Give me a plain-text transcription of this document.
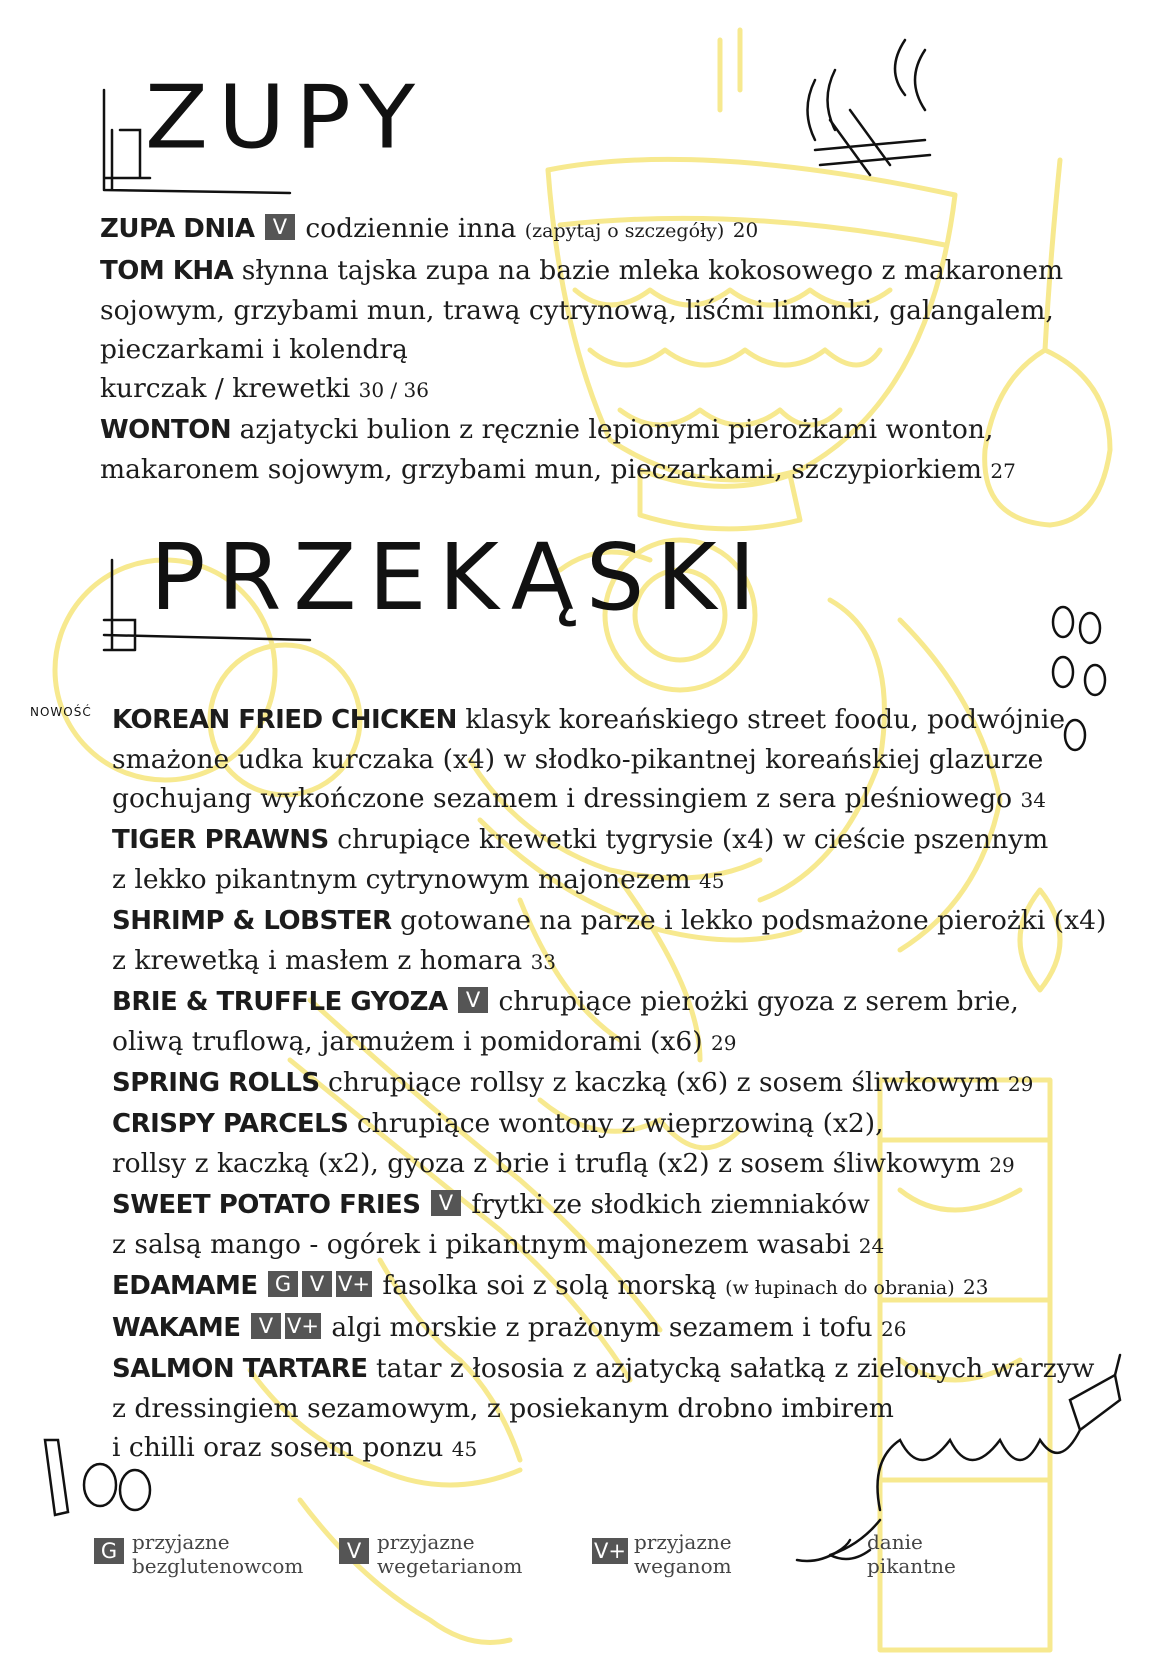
ZUPY
ZUPA DNIA V codziennie inna (zapytaj o szczegóły) 20
TOM KHA słynna tajska zupa na bazie mleka kokosowego z makaronem
sojowym, grzybami mun, trawą cytrynową, liśćmi limonki, galangalem,
pieczarkami i kolendrą
kurczak / krewetki 30 / 36
WONTON azjatycki bulion z ręcznie lepionymi pierożkami wonton,
makaronem sojowym, grzybami mun, pieczarkami, szczypiorkiem 27
PRZEKĄSKI
NOWOŚĆ KOREAN FRIED CHICKEN klasyk koreańskiego street foodu, podwójnie
smażone udka kurczaka (x4) w słodko-pikantnej koreańskiej glazurze
gochujang wykończone sezamem i dressingiem z sera pleśniowego 34
TIGER PRAWNS chrupiące krewetki tygrysie (x4) w cieście pszennym
z lekko pikantnym cytrynowym majonezem 45
SHRIMP & LOBSTER gotowane na parze i lekko podsmażone pierożki (x4)
z krewetką i masłem z homara 33
BRIE & TRUFFLE GYOZA V chrupiące pierożki gyoza z serem brie,
oliwą truflową, jarmużem i pomidorami (x6) 29
SPRING ROLLS chrupiące rollsy z kaczką (x6) z sosem śliwkowym 29
CRISPY PARCELS chrupiące wontony z wieprzowiną (x2),
rollsy z kaczką (x2), gyoza z brie i truflą (x2) z sosem śliwkowym 29
SWEET POTATO FRIES V frytki ze słodkich ziemniaków
z salsą mango - ogórek i pikantnym majonezem wasabi 24
EDAMAME G V V+ fasolka soi z solą morską (w łupinach do obrania) 23
WAKAME V V+ algi morskie z prażonym sezamem i tofu 26
SALMON TARTARE tatar z łososia z azjatycką sałatką z zielonych warzyw
z dressingiem sezamowym, z posiekanym drobno imbirem
i chilli oraz sosem ponzu 45
G przyjazne
bezglutenowcom
V przyjazne
wegetarianom
V+ przyjazne
weganom
danie
pikantne
